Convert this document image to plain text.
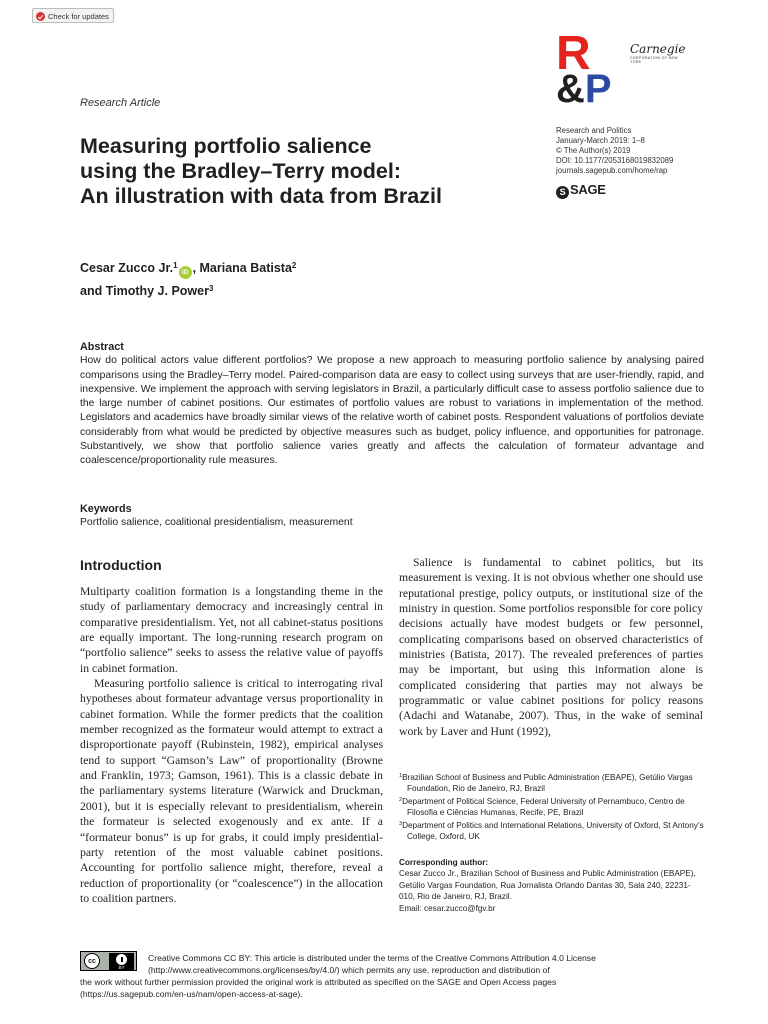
Check for updates
Research Article
R
&P
Carnegie
CORPORATION OF NEW YORK
Research and Politics
January-March 2019: 1–8
© The Author(s) 2019
DOI: 10.1177/2053168019832089
journals.sagepub.com/home/rap
S SAGE
Measuring portfolio salience
using the Bradley–Terry model:
An illustration with data from Brazil
Cesar Zucco Jr.$^1$iD , Mariana Batista$^2$
and Timothy J. Power$^3$
Abstract
How do political actors value different portfolios? We propose a new approach to measuring portfolio salience by analysing paired comparisons using the Bradley–Terry model. Paired-comparison data are easy to collect using surveys that are user-friendly, rapid, and inexpensive. We implement the approach with serving legislators in Brazil, a particularly difficult case to assess portfolio salience due to the large number of cabinet positions. Our estimates of portfolio values are robust to variations in implementation of the method. Legislators and academics have broadly similar views of the relative worth of cabinet posts. Respondent valuations of portfolios deviate considerably from what would be predicted by objective measures such as budget, policy influence, and opportunities for patronage. Substantively, we show that portfolio salience varies greatly and affects the calculation of formateur advantage and coalescence/proportionality rule measures.
Keywords
Portfolio salience, coalitional presidentialism, measurement
Introduction

Multiparty coalition formation is a longstanding theme in the study of parliamentary democracy and increasingly central in comparative presidentialism. Yet, not all cabinet-status positions are equally important. The long-running research program on “portfolio salience” seeks to assess the relative value of payoffs in cabinet formation.

Measuring portfolio salience is critical to interrogating rival hypotheses about formateur advantage versus proportionality in cabinet formation. While the former predicts that the coalition member recognized as the formateur would attempt to extract a disproportionate payoff (Rubinstein, 1982), empirical analyses tend to support “Gamson’s Law” of proportionality (Browne and Franklin, 1973; Gamson, 1961). This is a classic debate in the parliamentary systems literature (Warwick and Druckman, 2001), but it is especially relevant to presidentialism, wherein the formateur is selected exogenously and ex ante. If a “formateur bonus” is up for grabs, it could imply presidential-party retention of the most valuable cabinet positions. Accounting for portfolio salience might, therefore, reveal a reduction of proportionality (or “coalescence”) in the allocation to coalition partners.

Salience is fundamental to cabinet politics, but its measurement is vexing. It is not obvious whether one should use reputational prestige, policy outputs, or institutional size of the ministry in question. Some portfolios responsible for core policy decisions actually have modest budgets or few personnel, complicating comparisons based on observed characteristics of ministries (Batista, 2017). The revealed preferences of parties may be important, but using this information alone is complicated considering that parties may not always be programmatic or value cabinet positions for policy reasons (Adachi and Watanabe, 2007). Thus, in the wake of seminal work by Laver and Hunt (1992),

$^1$Brazilian School of Business and Public Administration (EBAPE), Getúlio Vargas Foundation, Rio de Janeiro, RJ, Brazil

$^2$Department of Political Science, Federal University of Pernambuco, Centro de Filosofia e Ciências Humanas, Recife, PE, Brazil

$^3$Department of Politics and International Relations, University of Oxford, St Antony’s College, Oxford, UK

Corresponding author:
Cesar Zucco Jr., Brazilian School of Business and Public Administration (EBAPE), Getúlio Vargas Foundation, Rua Jornalista Orlando Dantas 30, Sala 240, 22231-010, Rio de Janeiro, RJ, Brazil.
Email: cesar.zucco@fgv.br
cc
BY
Creative Commons CC BY: This article is distributed under the terms of the Creative Commons Attribution 4.0 License
(http://www.creativecommons.org/licenses/by/4.0/) which permits any use, reproduction and distribution of
the work without further permission provided the original work is attributed as specified on the SAGE and Open Access pages
(https://us.sagepub.com/en-us/nam/open-access-at-sage).
